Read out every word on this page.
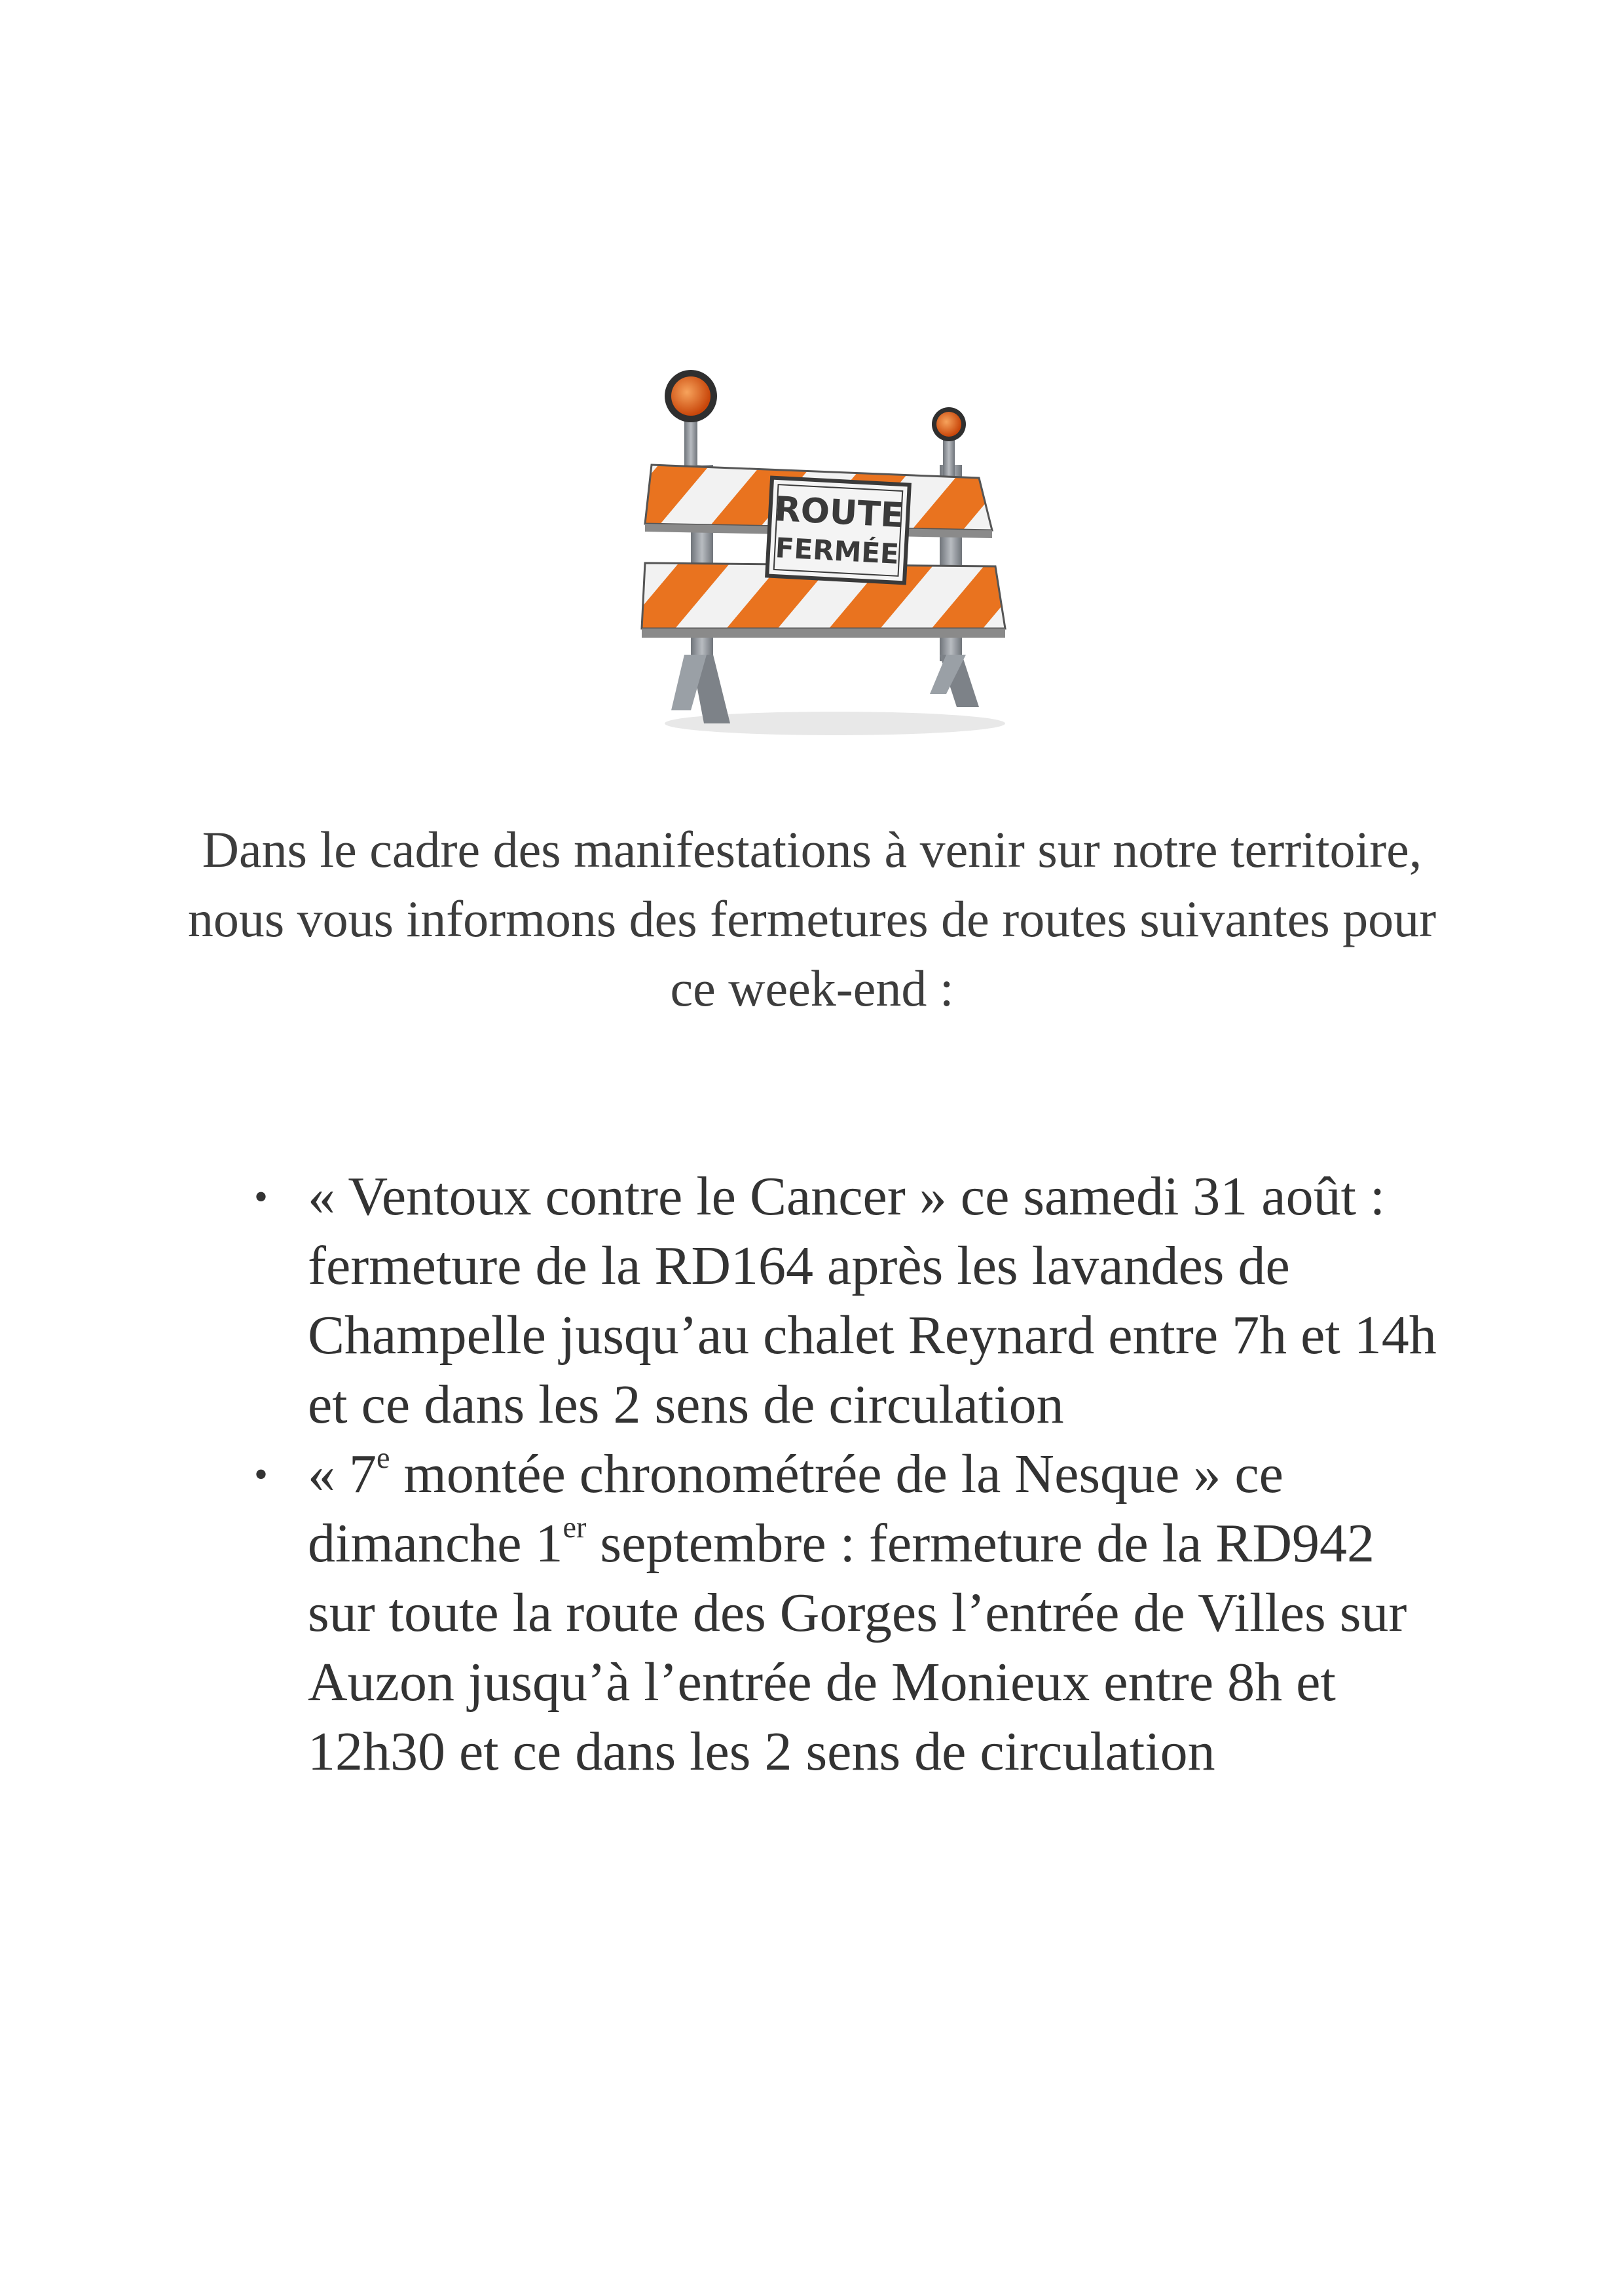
ROUTE
FERMÉE

Dans le cadre des manifestations à venir sur notre territoire, nous vous informons des fermetures de routes suivantes pour ce week-end :

• « Ventoux contre le Cancer » ce samedi 31 août : fermeture de la RD164 après les lavandes de Champelle jusqu’au chalet Reynard entre 7h et 14h et ce dans les 2 sens de circulation
• « 7e montée chronométrée de la Nesque » ce dimanche 1er septembre : fermeture de la RD942 sur toute la route des Gorges l’entrée de Villes sur Auzon jusqu’à l’entrée de Monieux entre 8h et 12h30 et ce dans les 2 sens de circulation
